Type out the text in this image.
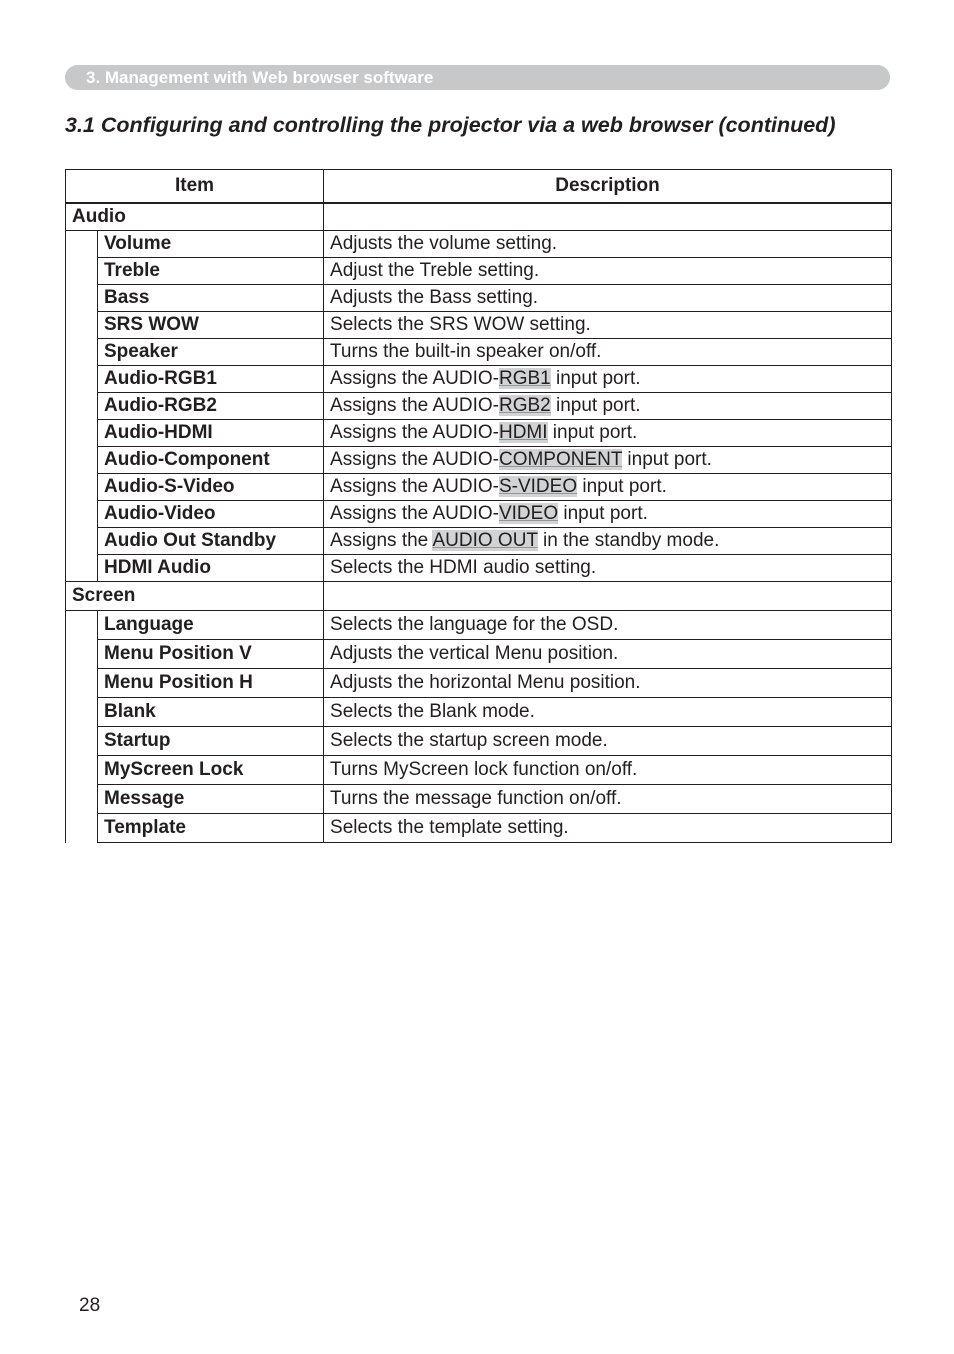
3. Management with Web browser software
3.1 Configuring and controlling the projector via a web browser (continued)
Item		Description
Audio		
	Volume	Adjusts the volume setting.
	Treble	Adjust the Treble setting.
	Bass	Adjusts the Bass setting.
	SRS WOW	Selects the SRS WOW setting.
	Speaker	Turns the built-in speaker on/off.
	Audio-RGB1	Assigns the AUDIO-RGB1 input port.
	Audio-RGB2	Assigns the AUDIO-RGB2 input port.
	Audio-HDMI	Assigns the AUDIO-HDMI input port.
	Audio-Component	Assigns the AUDIO-COMPONENT input port.
	Audio-S-Video	Assigns the AUDIO-S-VIDEO input port.
	Audio-Video	Assigns the AUDIO-VIDEO input port.
	Audio Out Standby	Assigns the AUDIO OUT in the standby mode.
	HDMI Audio	Selects the HDMI audio setting.
Screen		
	Language	Selects the language for the OSD.
	Menu Position V	Adjusts the vertical Menu position.
	Menu Position H	Adjusts the horizontal Menu position.
	Blank	Selects the Blank mode.
	Startup	Selects the startup screen mode.
	MyScreen Lock	Turns MyScreen lock function on/off.
	Message	Turns the message function on/off.
	Template	Selects the template setting.
28
